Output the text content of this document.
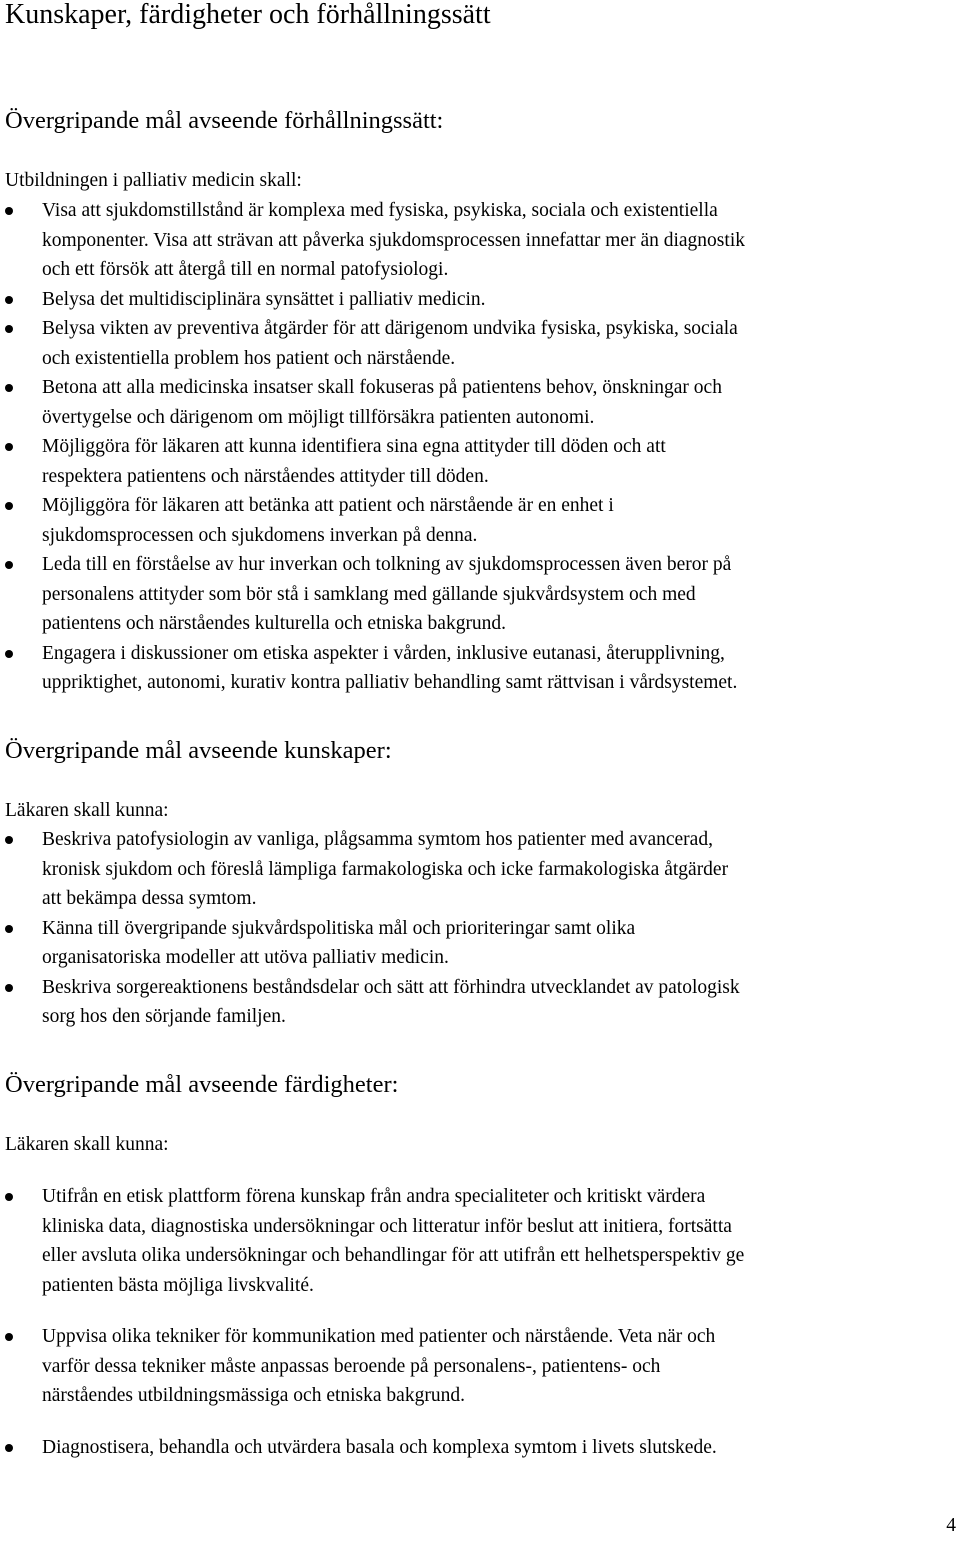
Kunskaper, färdigheter och förhållningssätt
Övergripande mål avseende förhållningssätt:

Utbildningen i palliativ medicin skall:

Visa att sjukdomstillstånd är komplexa med fysiska, psykiska, sociala och existentiella
komponenter. Visa att strävan att påverka sjukdomsprocessen innefattar mer än diagnostik
och ett försök att återgå till en normal patofysiologi.
Belysa det multidisciplinära synsättet i palliativ medicin.
Belysa vikten av preventiva åtgärder för att därigenom undvika fysiska, psykiska, sociala
och existentiella problem hos patient och närstående.
Betona att alla medicinska insatser skall fokuseras på patientens behov, önskningar och
övertygelse och därigenom om möjligt tillförsäkra patienten autonomi.
Möjliggöra för läkaren att kunna identifiera sina egna attityder till döden och att
respektera patientens och närståendes attityder till döden.
Möjliggöra för läkaren att betänka att patient och närstående är en enhet i
sjukdomsprocessen och sjukdomens inverkan på denna.
Leda till en förståelse av hur inverkan och tolkning av sjukdomsprocessen även beror på
personalens attityder som bör stå i samklang med gällande sjukvårdsystem och med
patientens och närståendes kulturella och etniska bakgrund.
Engagera i diskussioner om etiska aspekter i vården, inklusive eutanasi, återupplivning,
uppriktighet, autonomi, kurativ kontra palliativ behandling samt rättvisan i vårdsystemet.
Övergripande mål avseende kunskaper:

Läkaren skall kunna:

Beskriva patofysiologin av vanliga, plågsamma symtom hos patienter med avancerad,
kronisk sjukdom och föreslå lämpliga farmakologiska och icke farmakologiska åtgärder
att bekämpa dessa symtom.
Känna till övergripande sjukvårdspolitiska mål och prioriteringar samt olika
organisatoriska modeller att utöva palliativ medicin.
Beskriva sorgereaktionens beståndsdelar och sätt att förhindra utvecklandet av patologisk
sorg hos den sörjande familjen.
Övergripande mål avseende färdigheter:

Läkaren skall kunna:

Utifrån en etisk plattform förena kunskap från andra specialiteter och kritiskt värdera
kliniska data, diagnostiska undersökningar och litteratur inför beslut att initiera, fortsätta
eller avsluta olika undersökningar och behandlingar för att utifrån ett helhetsperspektiv ge
patienten bästa möjliga livskvalité.
Uppvisa olika tekniker för kommunikation med patienter och närstående. Veta när och
varför dessa tekniker måste anpassas beroende på personalens-, patientens- och
närståendes utbildningsmässiga och etniska bakgrund.
Diagnostisera, behandla och utvärdera basala och komplexa symtom i livets slutskede.
4
